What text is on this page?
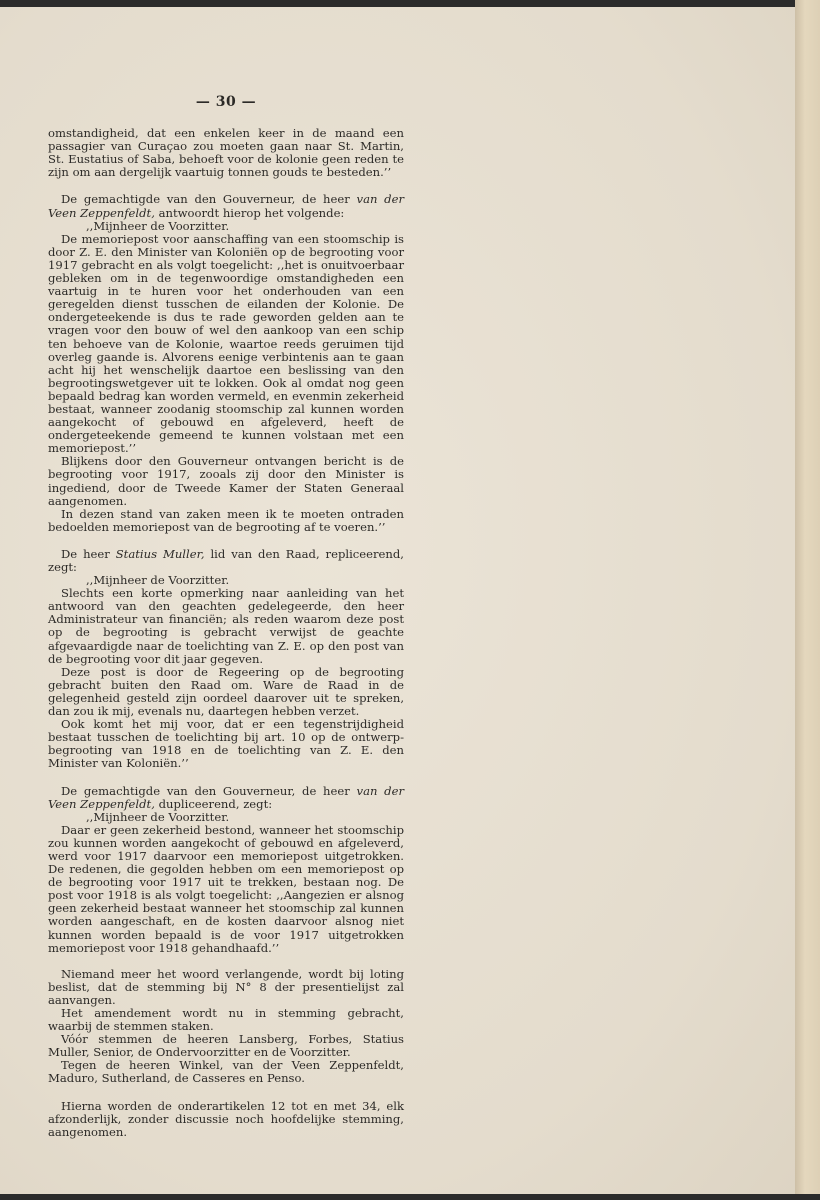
— 30 —

omstandigheid, dat een enkelen keer in de maand een passagier van Curaçao zou moeten gaan naar St. Martin, St. Eustatius of Saba, behoeft voor de kolonie geen reden te zijn om aan dergelijk vaartuig tonnen gouds te besteden.’’

De gemachtigde van den Gouverneur, de heer van der Veen Zeppenfeldt, antwoordt hierop het volgende:

,,Mijnheer de Voorzitter.

De memoriepost voor aanschaffing van een stoomschip is door Z. E. den Minister van Koloniën op de begrooting voor 1917 gebracht en als volgt toegelicht: ,,het is onuitvoerbaar gebleken om in de tegenwoordige omstandigheden een vaartuig in te huren voor het onderhouden van een geregelden dienst tusschen de eilanden der Kolonie. De ondergeteekende is dus te rade geworden gelden aan te vragen voor den bouw of wel den aankoop van een schip ten behoeve van de Kolonie, waartoe reeds geruimen tijd overleg gaande is. Alvorens eenige verbintenis aan te gaan acht hij het wenschelijk daartoe een beslissing van den begrootingswetgever uit te lokken. Ook al omdat nog geen bepaald bedrag kan worden vermeld, en evenmin zekerheid bestaat, wanneer zoodanig stoomschip zal kunnen worden aangekocht of gebouwd en afgeleverd, heeft de ondergeteekende gemeend te kunnen volstaan met een memoriepost.’’

Blijkens door den Gouverneur ontvangen bericht is de begrooting voor 1917, zooals zij door den Minister is ingediend, door de Tweede Kamer der Staten Generaal aangenomen.

In dezen stand van zaken meen ik te moeten ontraden bedoelden memoriepost van de begrooting af te voeren.’’

De heer Statius Muller, lid van den Raad, repliceerend, zegt:

,,Mijnheer de Voorzitter.

Slechts een korte opmerking naar aanleiding van het antwoord van den geachten gedelegeerde, den heer Administrateur van financiën; als reden waarom deze post op de begrooting is gebracht verwijst de geachte afgevaardigde naar de toelichting van Z. E. op den post van de begrooting voor dit jaar gegeven.

Deze post is door de Regeering op de begrooting gebracht buiten den Raad om. Ware de Raad in de gelegenheid gesteld zijn oordeel daarover uit te spreken, dan zou ik mij, evenals nu, daartegen hebben verzet.

Ook komt het mij voor, dat er een tegenstrijdigheid bestaat tusschen de toelichting bij art. 10 op de ontwerp-begrooting van 1918 en de toelichting van Z. E. den Minister van Koloniën.’’

De gemachtigde van den Gouverneur, de heer van der Veen Zeppenfeldt, dupliceerend, zegt:

,,Mijnheer de Voorzitter.

Daar er geen zekerheid bestond, wanneer het stoomschip zou kunnen worden aangekocht of gebouwd en afgeleverd, werd voor 1917 daarvoor een memoriepost uitgetrokken. De redenen, die gegolden hebben om een memoriepost op de begrooting voor 1917 uit te trekken, bestaan nog. De post voor 1918 is als volgt toegelicht: ,,Aangezien er alsnog geen zekerheid bestaat wanneer het stoomschip zal kunnen worden aangeschaft, en de kosten daarvoor alsnog niet kunnen worden bepaald is de voor 1917 uitgetrokken memoriepost voor 1918 gehandhaafd.’’

Niemand meer het woord verlangende, wordt bij loting beslist, dat de stemming bij N° 8 der presentielijst zal aanvangen.

Het amendement wordt nu in stemming gebracht, waarbij de stemmen staken.

Vóór stemmen de heeren Lansberg, Forbes, Statius Muller, Senior, de Ondervoorzitter en de Voorzitter.

Tegen de heeren Winkel, van der Veen Zeppenfeldt, Maduro, Sutherland, de Casseres en Penso.

Hierna worden de onderartikelen 12 tot en met 34, elk afzonderlijk, zonder discussie noch hoofdelijke stemming, aangenomen.
